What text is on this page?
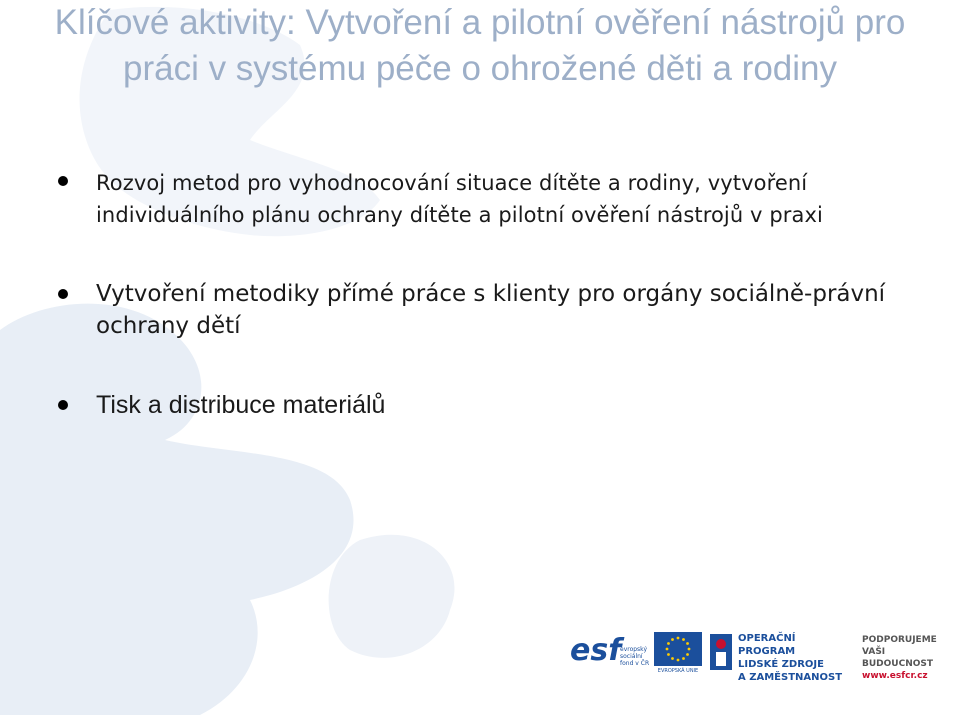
Klíčové aktivity: Vytvoření a pilotní ověření nástrojů pro práci v systému péče o ohrožené děti a rodiny
Rozvoj metod pro vyhodnocování situace dítěte a rodiny, vytvoření individuálního plánu ochrany dítěte a pilotní ověření nástrojů v praxi
Vytvoření metodiky přímé práce s klienty pro orgány sociálně-právní ochrany dětí
Tisk a distribuce materiálů
esf
evropský sociální fond v ČR
EVROPSKÁ UNIE
OPERAČNÍ PROGRAM
LIDSKÉ ZDROJE
A ZAMĚSTNANOST
PODPORUJEME
VAŠI BUDOUCNOST
www.esfcr.cz
